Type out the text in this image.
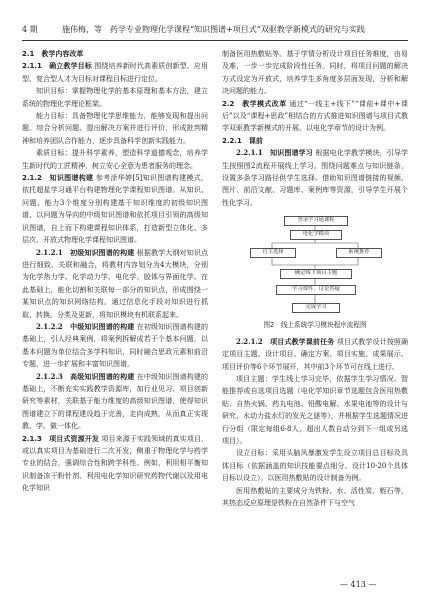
4 期	施伟梅，等　药学专业物理化学课程“知识图谱+项目式”双驱教学新模式的研究与实践

2.1　教学内容改革

2.1.1　确立教学目标 围绕培养新时代高素质创新型、应用型、复合型人才为目标对课程目标进行定位。

知识目标：掌握物理化学的基本原理和基本方法，建立系统的物理化学理论框架。

能力目标：具备物理化学思维能力，能够发现和提出问题、综合分析问题、提出解决方案并进行评价，形成批判精神和培养团队合作能力，逐步具备科学创新实践能力。

素质目标：提升科学素养，塑造科学道德观念，培养学生新时代的工匠精神，树立安心全意为患者服务的理念。

2.1.2　知识图谱构建 参考涂华婷[5]知识图谱构建模式，依托超星学习通平台构建物理化学课程知识图谱。从知识、问题、能力3个维度分别构建基于知识维度的初级知识图谱、以问题为导向的中级知识图谱和依托项目引领的高级知识图谱，自上而下构建课程知识体系，打造新型立体化、多层次、开放式物理化学课程知识图谱。

2.1.2.1　初级知识图谱的构建 根据教学大纲对知识点进行细致、关联和融合，将教材内容划分为4大模块，分别为化学热力学、化学动力学、电化学、胶体与界面化学。在此基础上，能化切割和关联每一部分的知识点，形成围绕一某知识点的知识网络结构。通过信息化手段对知识进行抓取、转换、分类及更新，将知识模块有机联系起来。

2.1.2.2　中级知识图谱的构建 在初级知识图谱构建的基础上，引人经典案例，将案例拆解成若干个基本问题，以基本问题为单位结合多学科知识，同时融合思政元素和前沿专题，进一步扩展和丰富知识图谱。

2.1.2.3　高级知识图谱的构建 在中级知识图谱构建的基础上，不断充实实践教学资源库，加行业见习、项目创新研究等素材，关联基于能力维度的高级知识图谱，使得知识图谱建立下的课程建设趋于完善，走向成熟，从而真正实现教、学、做一体化。

2.1.3　项目式资源开发 项目来源于实践领域的真实项目，或以真实项目为基础进行二次开发，侧重于物理化学与药学专业的结合，强调综合性和跨学科性。例如，利用相平衡知识制备冻干粉针剂、利用电化学知识研究药物代谢以及用电化学知识

制备医用热敷贴等。基于学情分析设计项目任务难度，由易及难，一步一步完成阶段性任务。同时，将项目问题的解决方式设定为开放式，培养学生多角度多层面发现，分析和解决问题的能力。

2.2　教学模式改革 通过“一线主+线下”“课前+课中+课后”以及“课程+思政”相结合的方式推进知识图谱与项目式教学双驱教学新模式的开展。以电化学章节的设计为例。

2.2.1　课前

2.2.1.1　知识图谱学习 根据电化学教学模块，引导学生按照图2流程开展线上学习。围绕问题难点与知识链条，设置多条学习路径供学生选择。借助知识图谱链接的视频、图片、前沿文献、习题库、案例库等资源，引导学生开展个性化学习。

登录学习通课程
电化学模块
自主选择	系统推荐
确定线下项目主题
学习课件、讨论答疑
完成学习
图2　线上系统学习模块程序流程图

2.2.1.2　项目式教学课前任务 项目式教学设计按照确定项目主题、设计项目、确定方案、项目实施、成果展示、项目评价等6个环节展开，其中前3个环节可在线上进行。

项目主题：学生线上学习完毕，依据学生学习情况、智能推荐或自选项目选题（电化学知识章节选题包含医用热敷贴、自热火锅、药丸电池、铅酸电解、水果电池等的设计与研究、水动力盐水灯的发光之谜等），并根据学生选题情况进行分组（限定每组6-8人，超出人数自动分到下一组或另选项目）。

设立目标：采用头脑风暴激发学生设立项目总目标及具体目标（依据涵盖的知识技能要点细分、设计10-20个具体目标以设立）。以医用热敷贴的设计制备为例。

医用热敷贴的主要成分为铁粉、水、活性炭、蛭石等，其热态反应原理是铁粉在自然条件下与空气

— 413 —
